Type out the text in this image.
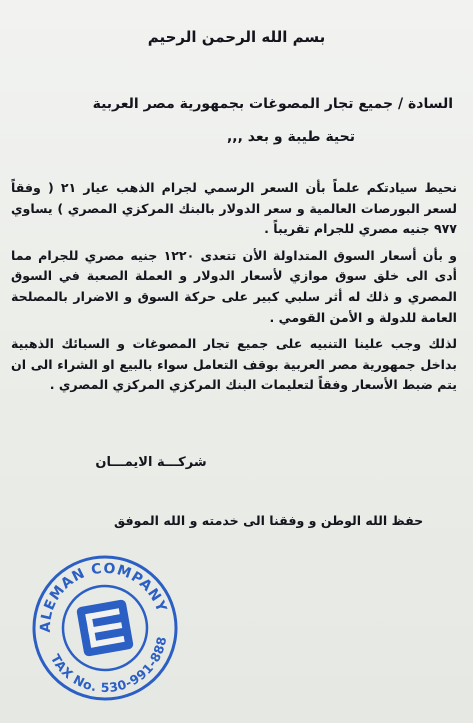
بسم الله الرحمن الرحيم
السادة / جميع تجار المصوغات بجمهورية مصر العربية
تحية طيبة و بعد ,,,

نحيط سيادتكم علماً بأن السعر الرسمي لجرام الذهب عيار ٢١ ( وفقاً لسعر البورصات العالمية و سعر الدولار بالبنك المركزي المصري ) يساوي ٩٧٧ جنيه مصري للجرام تقريباً .

و بأن أسعار السوق المتداولة الأن تتعدى ١٢٢٠ جنيه مصري للجرام مما أدى الى خلق سوق موازي لأسعار الدولار و العملة الصعبة في السوق المصري و ذلك له أثر سلبي كبير على حركة السوق و الاضرار بالمصلحة العامة للدولة و الأمن القومي .

لذلك وجب علينا التنبيه على جميع تجار المصوغات و السبائك الذهبية بداخل جمهورية مصر العربية بوقف التعامل سواء بالبيع او الشراء الى ان يتم ضبط الأسعار وفقاً لتعليمات البنك المركزي المركزي المصري .

شركـــة الايمـــان
حفظ الله الوطن و وفقنا الى خدمته و الله الموفق
ALEMAN COMPANY
TAX No. 530-991-888
